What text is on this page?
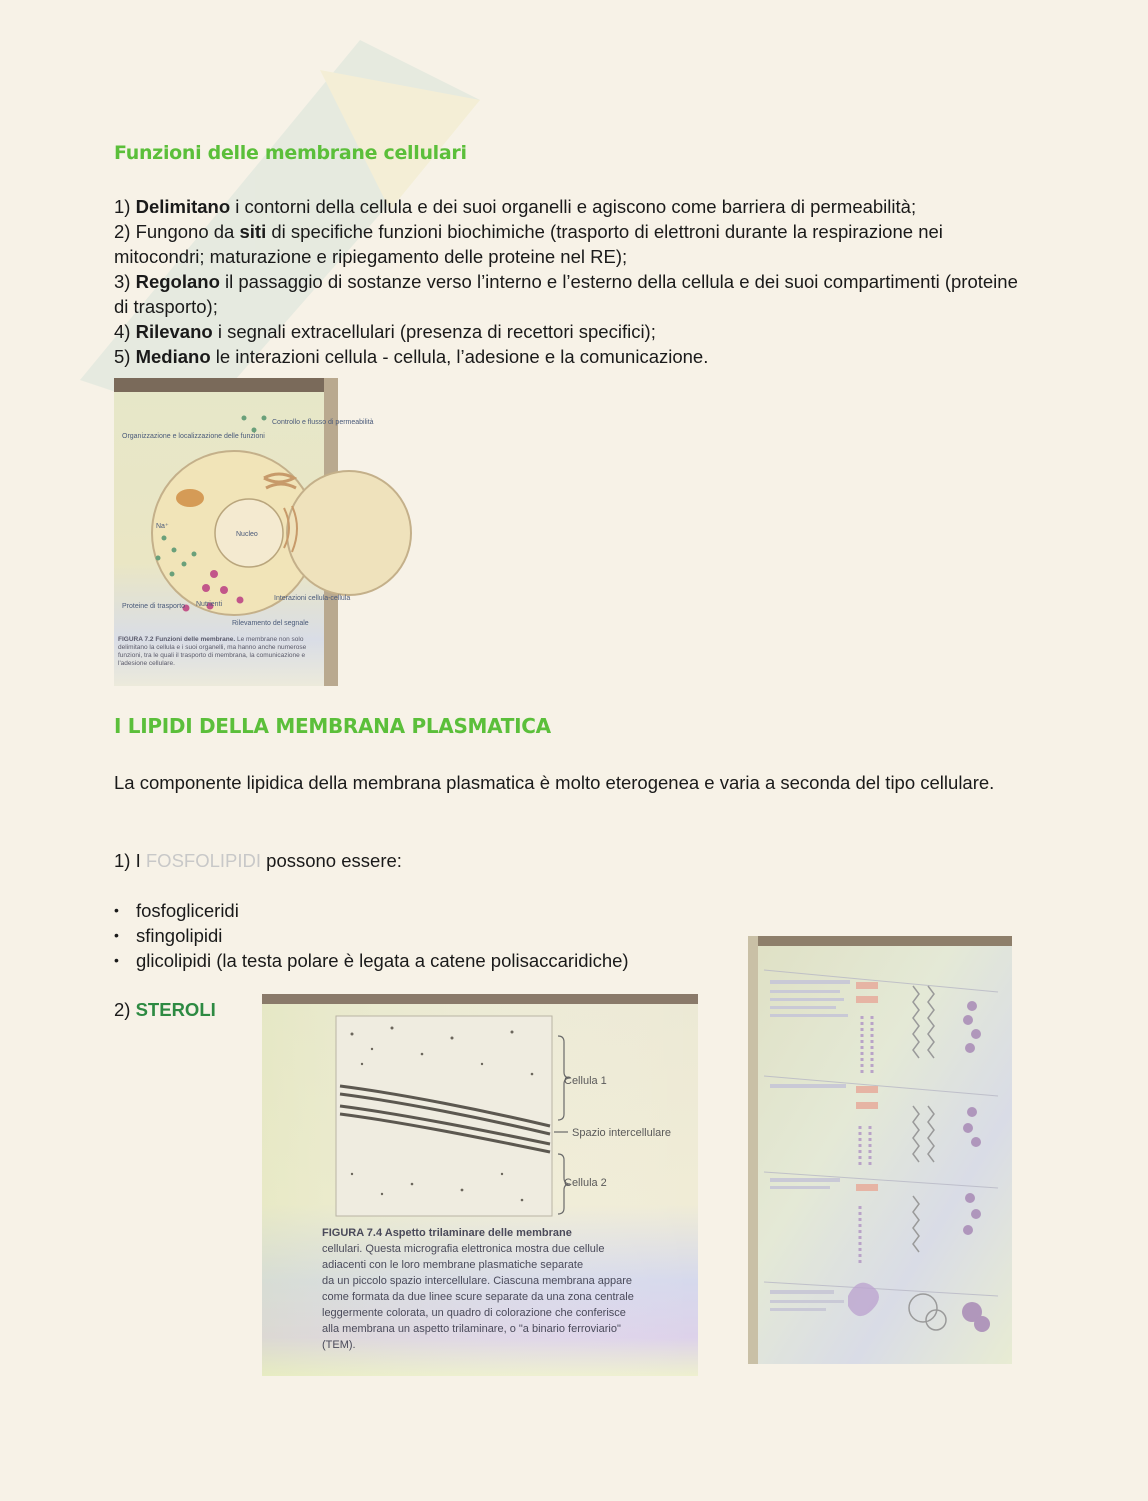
Funzioni delle membrane cellulari

1) Delimitano i contorni della cellula e dei suoi organelli e agiscono come barriera di permeabilità;

2) Fungono da siti di specifiche funzioni biochimiche (trasporto di elettroni durante la respirazione nei mitocondri; maturazione e ripiegamento delle proteine nel RE);

3) Regolano il passaggio di sostanze verso l’interno e l’esterno della cellula e dei suoi compartimenti (proteine di trasporto);

4) Rilevano i segnali extracellulari (presenza di recettori specifici);

5) Mediano le interazioni cellula - cellula, l’adesione e la comunicazione.

Organizzazione e localizzazione delle funzioni
Controllo e flusso di permeabilità
Nucleo
Na⁺
Proteine di trasporto Nutrienti
Interazioni cellula-cellula
Rilevamento del segnale
FIGURA 7.2 Funzioni delle membrane. Le membrane non solo delimitano la cellula e i suoi organelli, ma hanno anche numerose funzioni, tra le quali il trasporto di membrana, la comunicazione e l'adesione cellulare.
I LIPIDI DELLA MEMBRANA PLASMATICA

La componente lipidica della membrana plasmatica è molto eterogenea e varia a seconda del tipo cellulare.

1) I FOSFOLIPIDI possono essere:

• fosfogliceridi
• sfingolipidi
• glicolipidi (la testa polare è legata a catene polisaccaridiche)

2) STEROLI

Cellula 1
Spazio intercellulare
Cellula 2
FIGURA 7.4 Aspetto trilaminare delle membrane
cellulari. Questa micrografia elettronica mostra due cellule
adiacenti con le loro membrane plasmatiche separate
da un piccolo spazio intercellulare. Ciascuna membrana appare
come formata da due linee scure separate da una zona centrale
leggermente colorata, un quadro di colorazione che conferisce
alla membrana un aspetto trilaminare, o "a binario ferroviario"
(TEM).
